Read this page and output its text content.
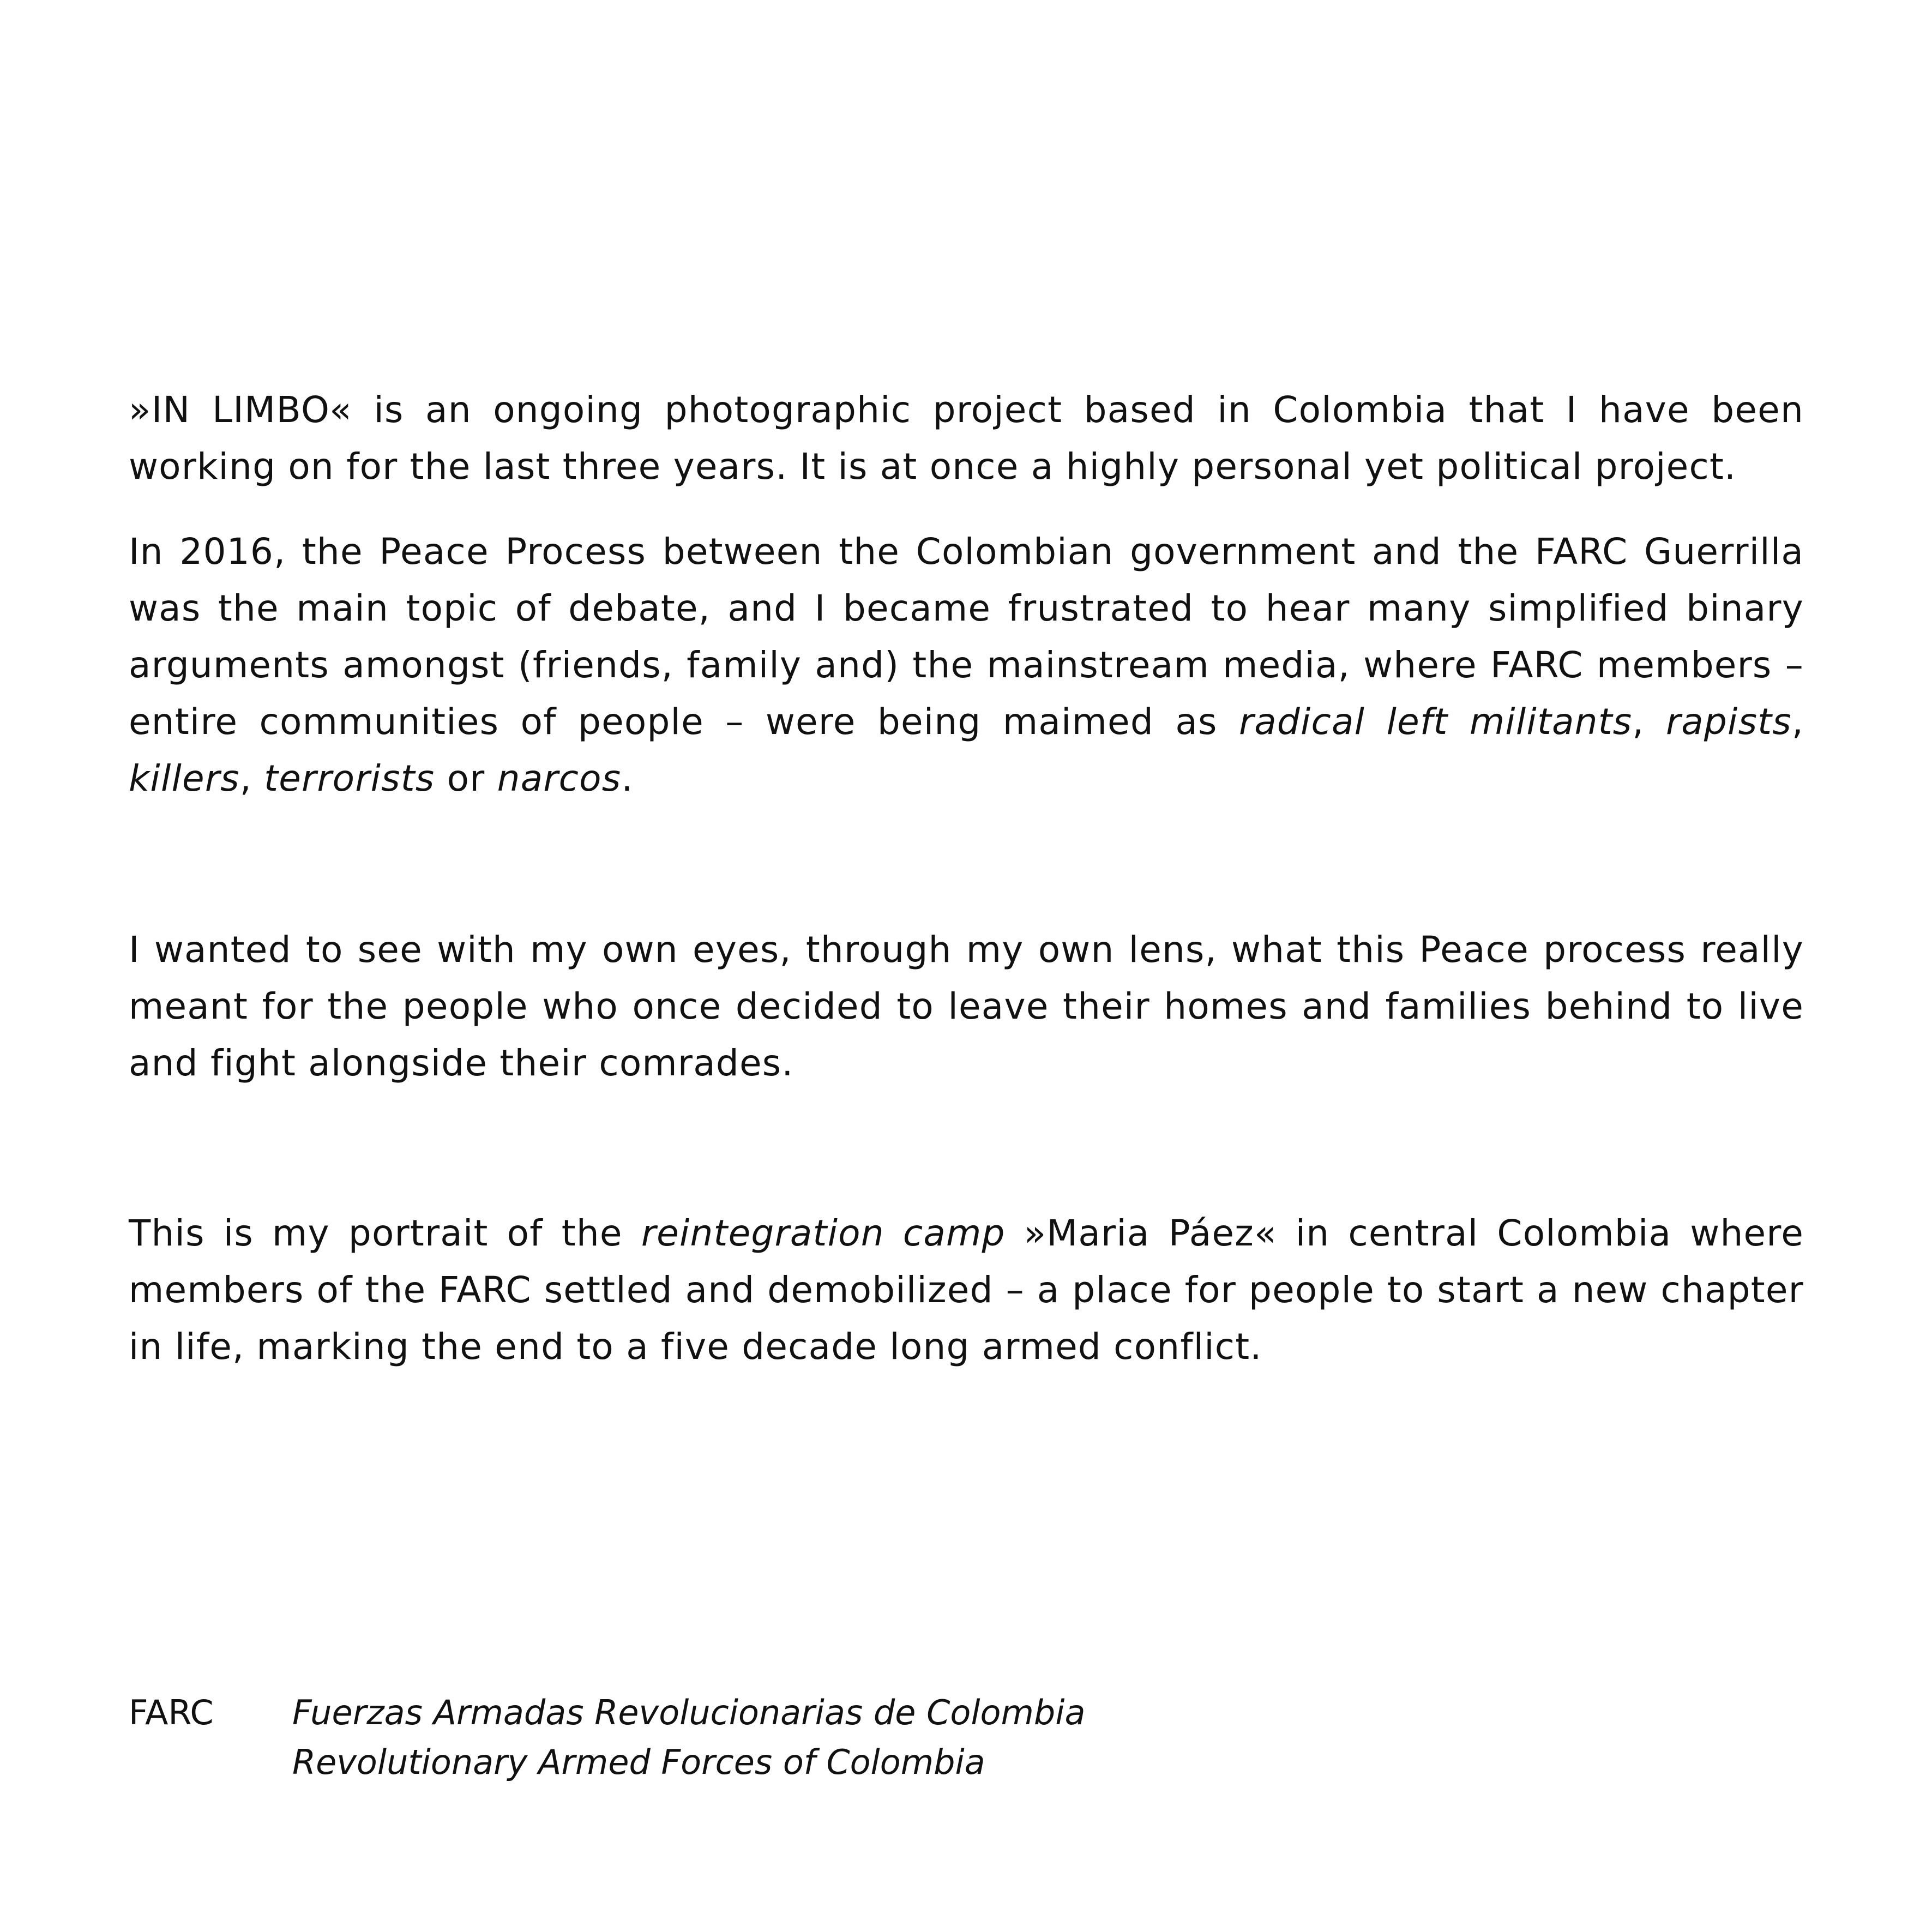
»IN LIMBO« is an ongoing photographic project based in Colombia that I have been working on for the last three years. It is at once a highly personal yet political project.

In 2016, the Peace Process between the Colombian government and the FARC Guerrilla was the main topic of debate, and I became frustrated to hear many simplified binary arguments amongst (friends, family and) the mainstream media, where FARC members – entire communities of people – were being maimed as radical left militants, rapists, killers, terrorists or narcos.

I wanted to see with my own eyes, through my own lens, what this Peace process really meant for the people who once decided to leave their homes and families behind to live and fight alongside their comrades.

This is my portrait of the reintegration camp »Maria Páez« in central Colombia where members of the FARC settled and demobilized – a place for people to start a new chapter in life, marking the end to a five decade long armed conflict.

FARC Fuerzas Armadas Revolucionarias de Colombia
Revolutionary Armed Forces of Colombia
